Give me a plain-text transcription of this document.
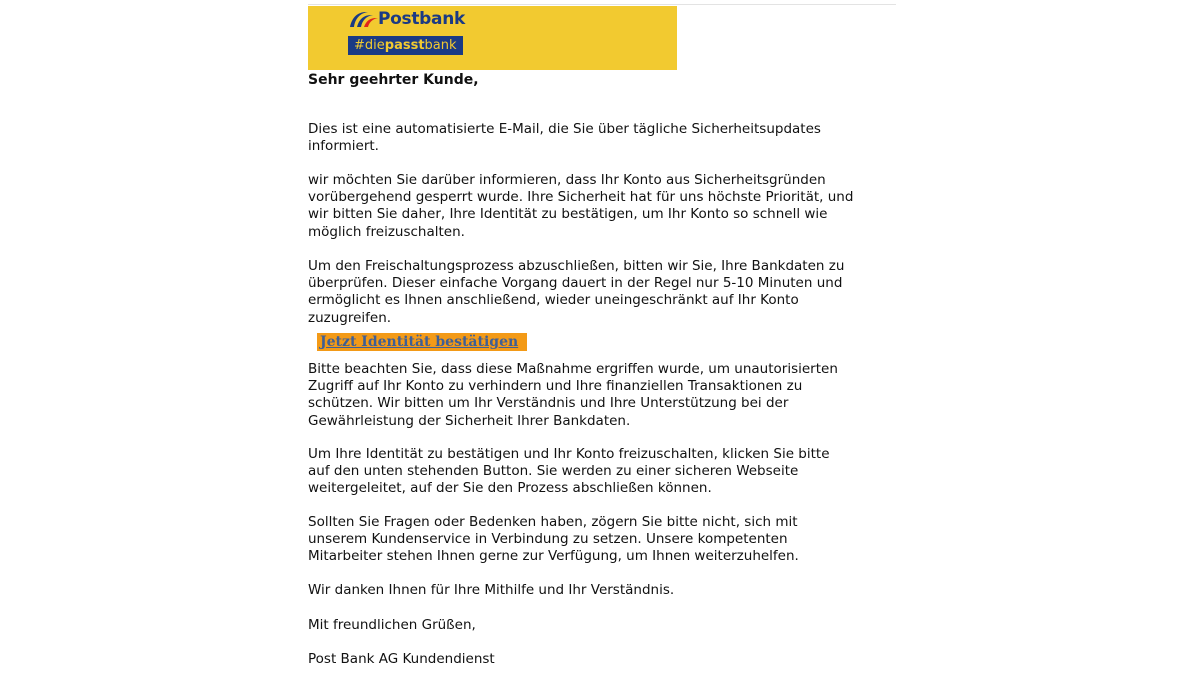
Postbank
#diepasstbank

Sehr geehrter Kunde,

Dies ist eine automatisierte E-Mail, die Sie über tägliche Sicherheitsupdates
informiert.

wir möchten Sie darüber informieren, dass Ihr Konto aus Sicherheitsgründen
vorübergehend gesperrt wurde. Ihre Sicherheit hat für uns höchste Priorität, und
wir bitten Sie daher, Ihre Identität zu bestätigen, um Ihr Konto so schnell wie
möglich freizuschalten.

Um den Freischaltungsprozess abzuschließen, bitten wir Sie, Ihre Bankdaten zu
überprüfen. Dieser einfache Vorgang dauert in der Regel nur 5-10 Minuten und
ermöglicht es Ihnen anschließend, wieder uneingeschränkt auf Ihr Konto
zuzugreifen.

Jetzt Identität bestätigen

Bitte beachten Sie, dass diese Maßnahme ergriffen wurde, um unautorisierten
Zugriff auf Ihr Konto zu verhindern und Ihre finanziellen Transaktionen zu
schützen. Wir bitten um Ihr Verständnis und Ihre Unterstützung bei der
Gewährleistung der Sicherheit Ihrer Bankdaten.

Um Ihre Identität zu bestätigen und Ihr Konto freizuschalten, klicken Sie bitte
auf den unten stehenden Button. Sie werden zu einer sicheren Webseite
weitergeleitet, auf der Sie den Prozess abschließen können.

Sollten Sie Fragen oder Bedenken haben, zögern Sie bitte nicht, sich mit
unserem Kundenservice in Verbindung zu setzen. Unsere kompetenten
Mitarbeiter stehen Ihnen gerne zur Verfügung, um Ihnen weiterzuhelfen.

Wir danken Ihnen für Ihre Mithilfe und Ihr Verständnis.

Mit freundlichen Grüßen,

Post Bank AG Kundendienst
